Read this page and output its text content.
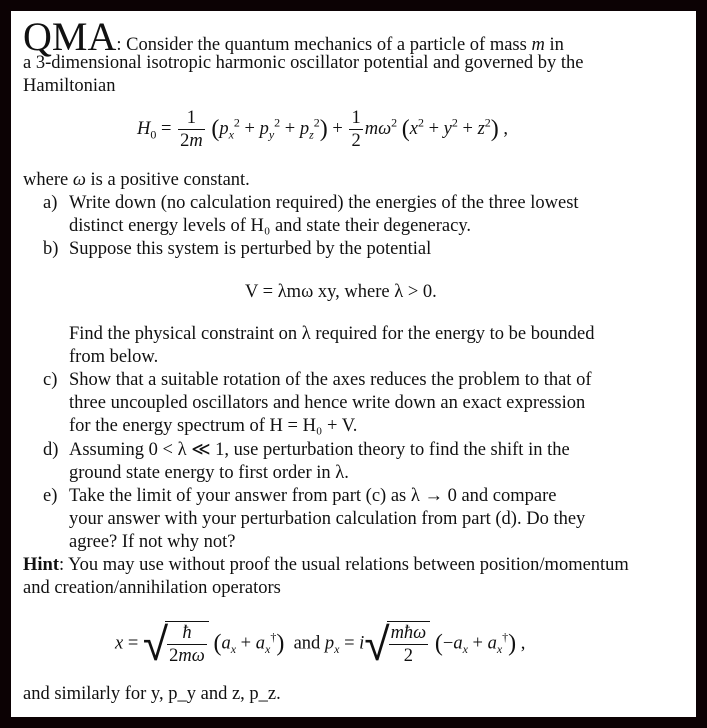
QMA: Consider the quantum mechanics of a particle of mass m in
a 3-dimensional isotropic harmonic oscillator potential and governed by the
Hamiltonian
$H_0 = \frac{1}{2m} (p_x^2 + p_y^2 + p_z^2) + \frac{1}{2} m\omega^2$ $(x^2 + y^2 + z^2)$ ,
where ω is a positive constant.
a) Write down (no calculation required) the energies of the three lowest
distinct energy levels of H₀ and state their degeneracy.
b) Suppose this system is perturbed by the potential
V = λmω xy, where λ > 0.
Find the physical constraint on λ required for the energy to be bounded
from below.
c) Show that a suitable rotation of the axes reduces the problem to that of
three uncoupled oscillators and hence write down an exact expression
for the energy spectrum of H = H₀ + V.
d) Assuming 0 < λ ≪ 1, use perturbation theory to find the shift in the
ground state energy to first order in λ.
e) Take the limit of your answer from part (c) as λ → 0 and compare
your answer with your perturbation calculation from part (d). Do they
agree? If not why not?
Hint: You may use without proof the usual relations between position/momentum
and creation/annihilation operators
x = √ $\frac{ħ}{2m\omega} (a_x + a_x^\dagger)$  and $p_x = i√ \frac{\text{mħω}}{2} (-a_x + a_x^\dagger)$ ,
and similarly for y, p_y and z, p_z.
